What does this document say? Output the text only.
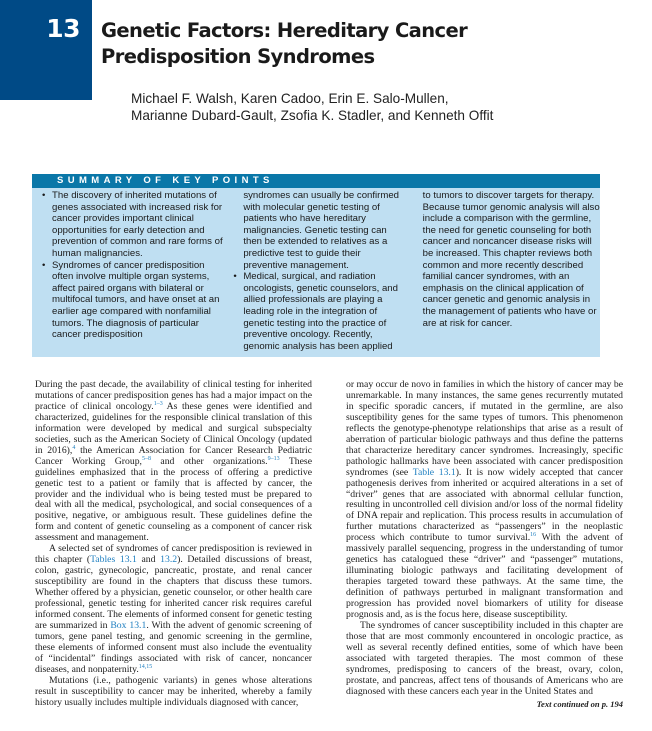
13 Genetic Factors: Hereditary Cancer
Predisposition Syndromes
Michael F. Walsh, Karen Cadoo, Erin E. Salo-Mullen,
Marianne Dubard-Gault, Zsofia K. Stadler, and Kenneth Offit
SUMMARY OF KEY POINTS
• The discovery of inherited mutations of genes associated with increased risk for cancer provides important clinical opportunities for early detection and prevention of common and rare forms of human malignancies.
• Syndromes of cancer predisposition often involve multiple organ systems, affect paired organs with bilateral or multifocal tumors, and have onset at an earlier age compared with nonfamilial tumors. The diagnosis of particular cancer predisposition
syndromes can usually be confirmed with molecular genetic testing of patients who have hereditary malignancies. Genetic testing can then be extended to relatives as a predictive test to guide their preventive management.
• Medical, surgical, and radiation oncologists, genetic counselors, and allied professionals are playing a leading role in the integration of genetic testing into the practice of preventive oncology. Recently, genomic analysis has been applied
to tumors to discover targets for therapy. Because tumor genomic analysis will also include a comparison with the germline, the need for genetic counseling for both cancer and noncancer disease risks will be increased. This chapter reviews both common and more recently described familial cancer syndromes, with an emphasis on the clinical application of cancer genetic and genomic analysis in the management of patients who have or are at risk for cancer.

During the past decade, the availability of clinical testing for inherited mutations of cancer predisposition genes has had a major impact on the practice of clinical oncology.$^{1-3}$ As these genes were identified and characterized, guidelines for the responsible clinical translation of this information were developed by medical and surgical subspecialty societies, such as the American Society of Clinical Oncology (updated in 2016),$^4$ the American Association for Cancer Research Pediatric Cancer Working Group,$^{5-8}$ and other organizations.$^{9-13}$ These guidelines emphasized that in the process of offering a predictive genetic test to a patient or family that is affected by cancer, the provider and the individual who is being tested must be prepared to deal with all the medical, psychological, and social consequences of a positive, negative, or ambiguous result. These guidelines define the form and content of genetic counseling as a component of cancer risk assessment and management.

A selected set of syndromes of cancer predisposition is reviewed in this chapter (Tables 13.1 and 13.2). Detailed discussions of breast, colon, gastric, gynecologic, pancreatic, prostate, and renal cancer susceptibility are found in the chapters that discuss these tumors. Whether offered by a physician, genetic counselor, or other health care professional, genetic testing for inherited cancer risk requires careful informed consent. The elements of informed consent for genetic testing are summarized in Box 13.1. With the advent of genomic screening of tumors, gene panel testing, and genomic screening in the germline, these elements of informed consent must also include the eventuality of “incidental” findings associated with risk of cancer, noncancer diseases, and nonpaternity.$^{14,15}$

Mutations (i.e., pathogenic variants) in genes whose alterations result in susceptibility to cancer may be inherited, whereby a family history usually includes multiple individuals diagnosed with cancer,

or may occur de novo in families in which the history of cancer may be unremarkable. In many instances, the same genes recurrently mutated in specific sporadic cancers, if mutated in the germline, are also susceptibility genes for the same types of tumors. This phenomenon reflects the genotype-phenotype relationships that arise as a result of aberration of particular biologic pathways and thus define the patterns that characterize hereditary cancer syndromes. Increasingly, specific pathologic hallmarks have been associated with cancer predisposition syndromes (see Table 13.1). It is now widely accepted that cancer pathogenesis derives from inherited or acquired alterations in a set of “driver” genes that are associated with abnormal cellular function, resulting in uncontrolled cell division and/or loss of the normal fidelity of DNA repair and replication. This process results in accumulation of further mutations characterized as “passengers” in the neoplastic process which contribute to tumor survival.$^{16}$ With the advent of massively parallel sequencing, progress in the understanding of tumor genetics has catalogued these “driver” and “passenger” mutations, illuminating biologic pathways and facilitating development of therapies targeted toward these pathways. At the same time, the definition of pathways perturbed in malignant transformation and progression has provided novel biomarkers of utility for disease prognosis and, as is the focus here, disease susceptibility.

The syndromes of cancer susceptibility included in this chapter are those that are most commonly encountered in oncologic practice, as well as several recently defined entities, some of which have been associated with targeted therapies. The most common of these syndromes, predisposing to cancers of the breast, ovary, colon, prostate, and pancreas, affect tens of thousands of Americans who are diagnosed with these cancers each year in the United States and

Text continued on p. 194
